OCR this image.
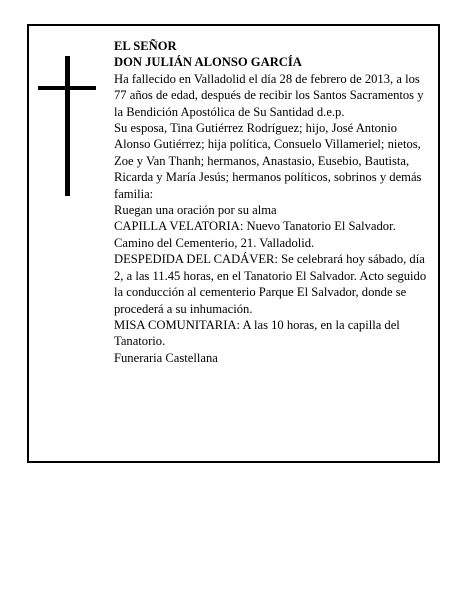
EL SEÑOR
DON JULIÁN ALONSO GARCÍA

Ha fallecido en Valladolid el día 28 de febrero de 2013, a los 77 años de edad, después de recibir los Santos Sacramentos y la Bendición Apostólica de Su Santidad d.e.p.

Su esposa, Tina Gutiérrez Rodríguez; hijo, José Antonio Alonso Gutiérrez; hija política, Consuelo Villameriel; nietos, Zoe y Van Thanh; hermanos, Anastasio, Eusebio, Bautista, Ricarda y María Jesús; hermanos políticos, sobrinos y demás familia:

Ruegan una oración por su alma

CAPILLA VELATORIA: Nuevo Tanatorio El Salvador. Camino del Cementerio, 21. Valladolid.

DESPEDIDA DEL CADÁVER: Se celebrará hoy sábado, día 2, a las 11.45 horas, en el Tanatorio El Salvador. Acto seguido la conducción al cementerio Parque El Salvador, donde se procederá a su inhumación.

MISA COMUNITARIA: A las 10 horas, en la capilla del Tanatorio.

Funeraria Castellana
